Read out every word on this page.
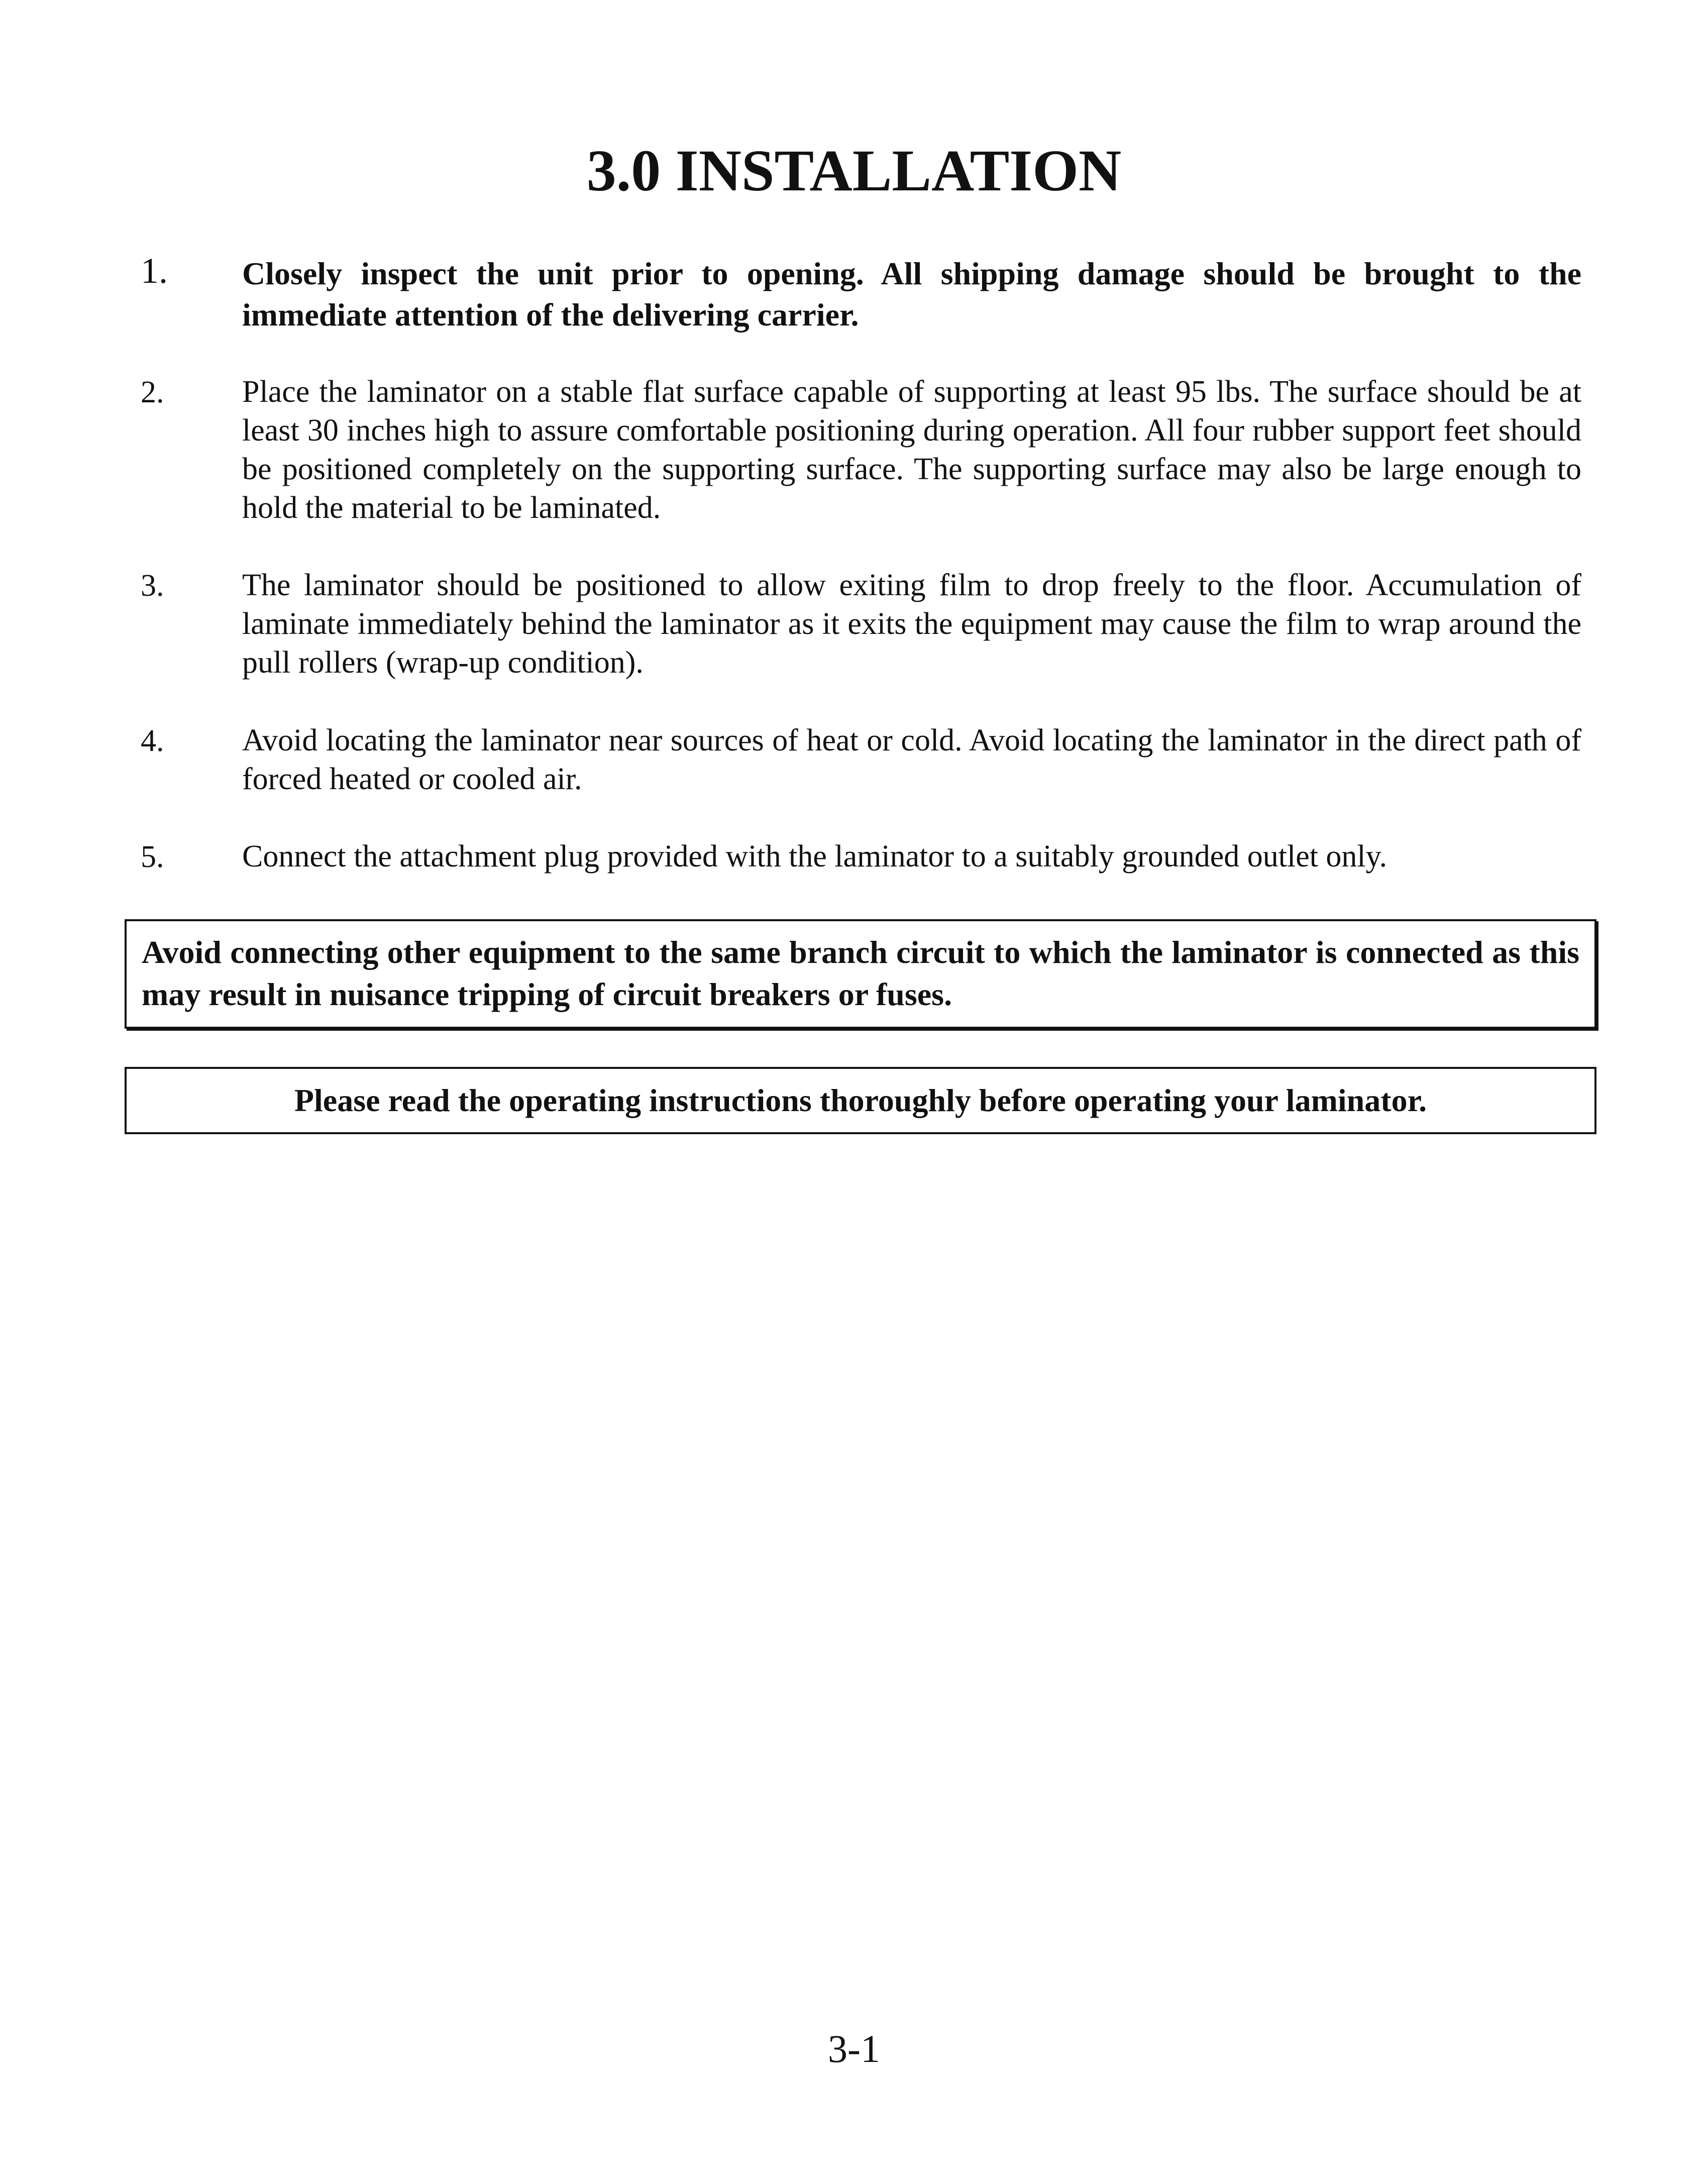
3.0 INSTALLATION
1. Closely inspect the unit prior to opening. All shipping damage should be brought to the immediate attention of the delivering carrier.
2.	Place the laminator on a stable flat surface capable of supporting at least 95 lbs. The surface should be at least 30 inches high to assure comfortable positioning during operation. All four rubber support feet should be positioned completely on the supporting surface. The supporting surface may also be large enough to hold the material to be laminated.
3.	The laminator should be positioned to allow exiting film to drop freely to the floor. Accumulation of laminate immediately behind the laminator as it exits the equipment may cause the film to wrap around the pull rollers (wrap-up condition).
4.	Avoid locating the laminator near sources of heat or cold. Avoid locating the laminator in the direct path of forced heated or cooled air.
5.	Connect the attachment plug provided with the laminator to a suitably grounded outlet only.
Avoid connecting other equipment to the same branch circuit to which the laminator is connected as this may result in nuisance tripping of circuit breakers or fuses.
Please read the operating instructions thoroughly before operating your laminator.
3-1
